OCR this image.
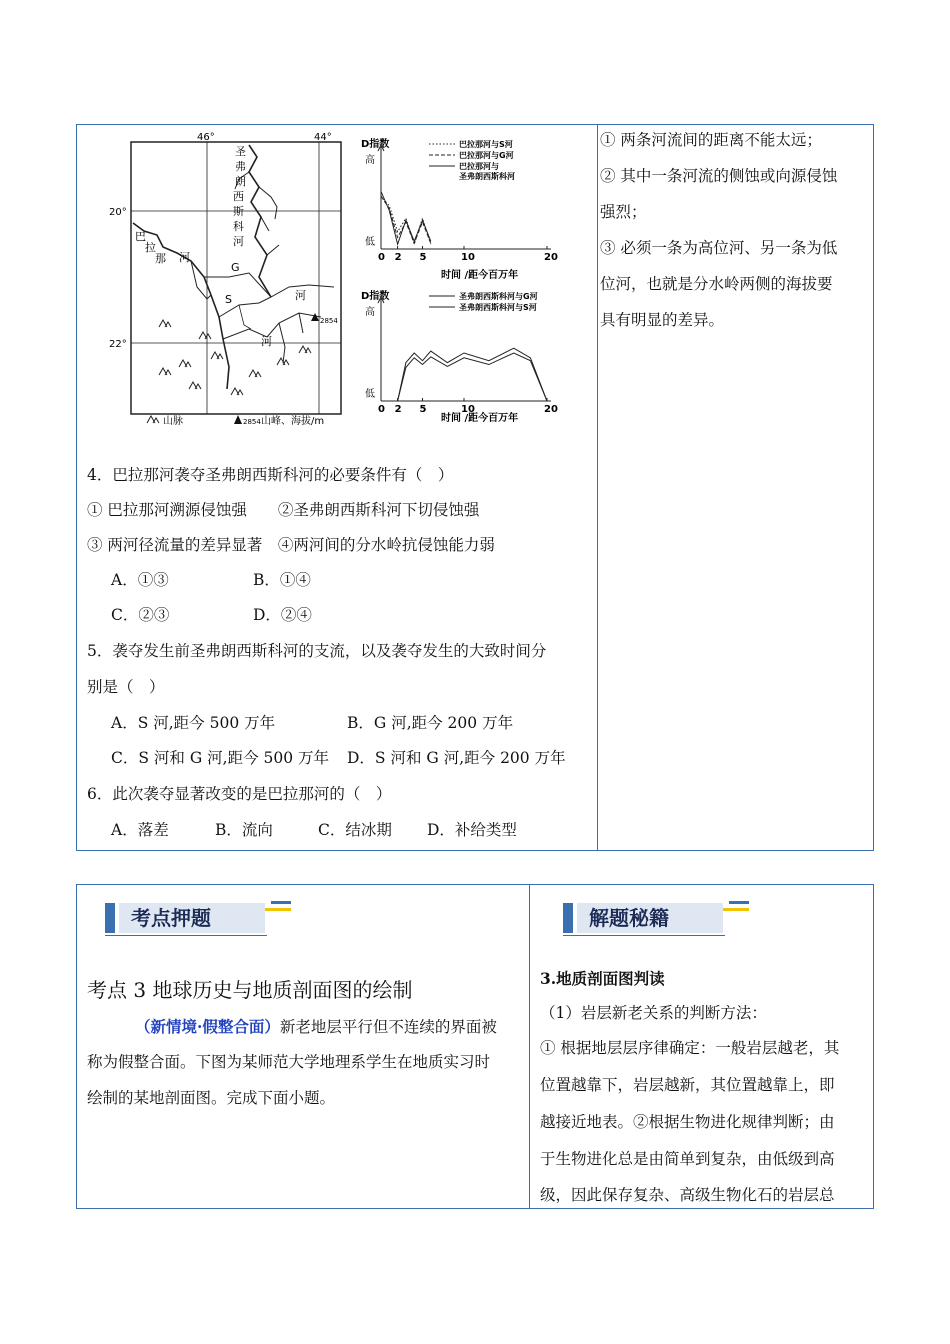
46°	44°
20°
22°
圣
弗
朗
西
斯
科
河
巴
拉
那 河
G
S	河
河
2854
山脉	2854 山峰、海拔/m
D指数
高
低
0 2 5	10	20
巴拉那河与S河
巴拉那河与G河
巴拉那河与
圣弗朗西斯科河
时间 /距今百万年
D指数
高
低
0 2 5	10	20
圣弗朗西斯科河与G河
圣弗朗西斯科河与S河
时间 /距今百万年
4．巴拉那河袭夺圣弗朗西斯科河的必要条件有（　）
① 巴拉那河溯源侵蚀强　　②圣弗朗西斯科河下切侵蚀强
③ 两河径流量的差异显著　④两河间的分水岭抗侵蚀能力弱
A．①③	B．①④
C．②③	D．②④
5．袭夺发生前圣弗朗西斯科河的支流，以及袭夺发生的大致时间分
别是（　）
A．S 河,距今 500 万年	B．G 河,距今 200 万年
C．S 河和 G 河,距今 500 万年 D．S 河和 G 河,距今 200 万年
6．此次袭夺显著改变的是巴拉那河的（　）
A．落差	B．流向	C．结冰期 D．补给类型
① 两条河流间的距离不能太远；
② 其中一条河流的侧蚀或向源侵蚀
强烈；
③ 必须一条为高位河、另一条为低
位河，也就是分水岭两侧的海拔要
具有明显的差异。
考点押题	解题秘籍
考点 3 地球历史与地质剖面图的绘制
（新情境·假整合面）新老地层平行但不连续的界面被
称为假整合面。下图为某师范大学地理系学生在地质实习时
绘制的某地剖面图。完成下面小题。
3.地质剖面图判读
（1）岩层新老关系的判断方法：
① 根据地层层序律确定：一般岩层越老，其
位置越靠下，岩层越新，其位置越靠上，即
越接近地表。②根据生物进化规律判断；由
于生物进化总是由简单到复杂，由低级到高
级，因此保存复杂、高级生物化石的岩层总
